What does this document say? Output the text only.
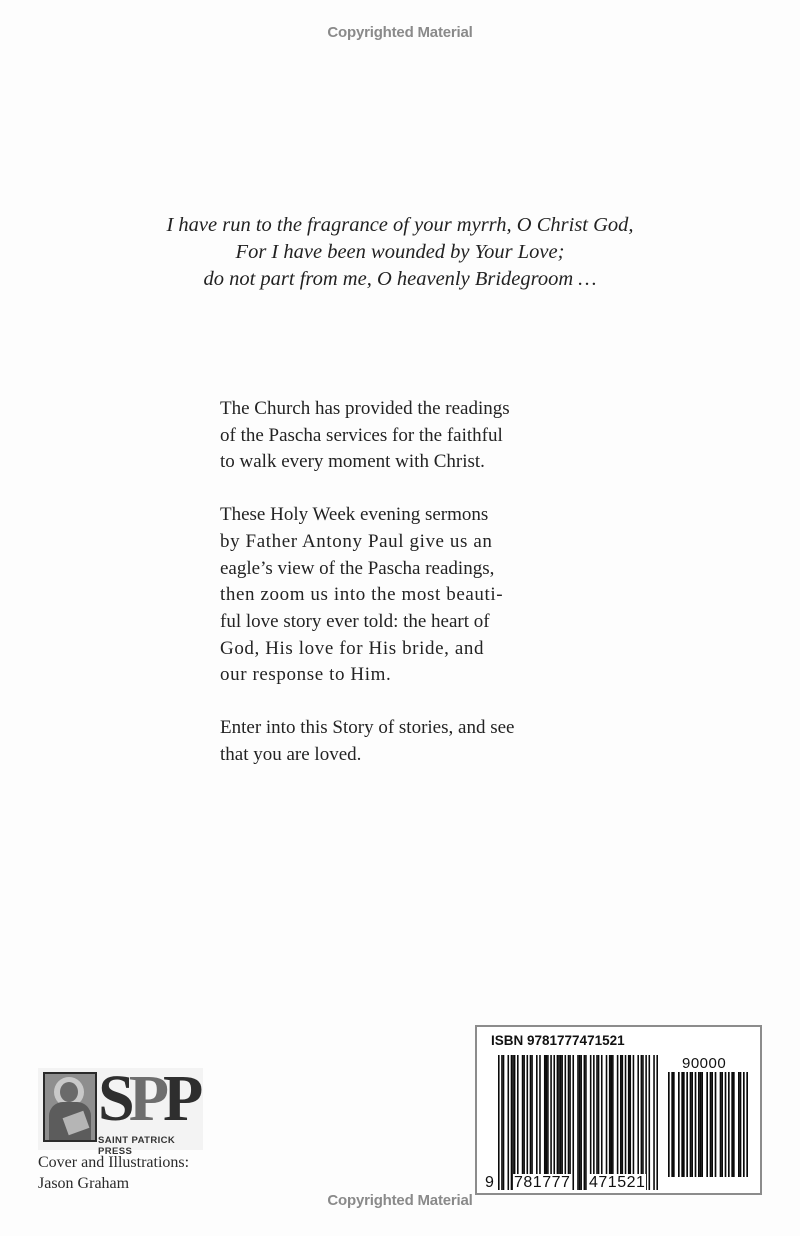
Copyrighted Material
I have run to the fragrance of your myrrh, O Christ God,
For I have been wounded by Your Love;
do not part from me, O heavenly Bridegroom …

The Church has provided the readings
of the Pascha services for the faithful
to walk every moment with Christ.

These Holy Week evening sermons
by Father Antony Paul give us an
eagle’s view of the Pascha readings,
then zoom us into the most beauti-
ful love story ever told: the heart of
God, His love for His bride, and
our response to Him.

Enter into this Story of stories, and see
that you are loved.

SPP
SAINT PATRICK PRESS
Cover and Illustrations:
Jason Graham
ISBN 9781777471521
90000
9 781777 471521
Copyrighted Material
